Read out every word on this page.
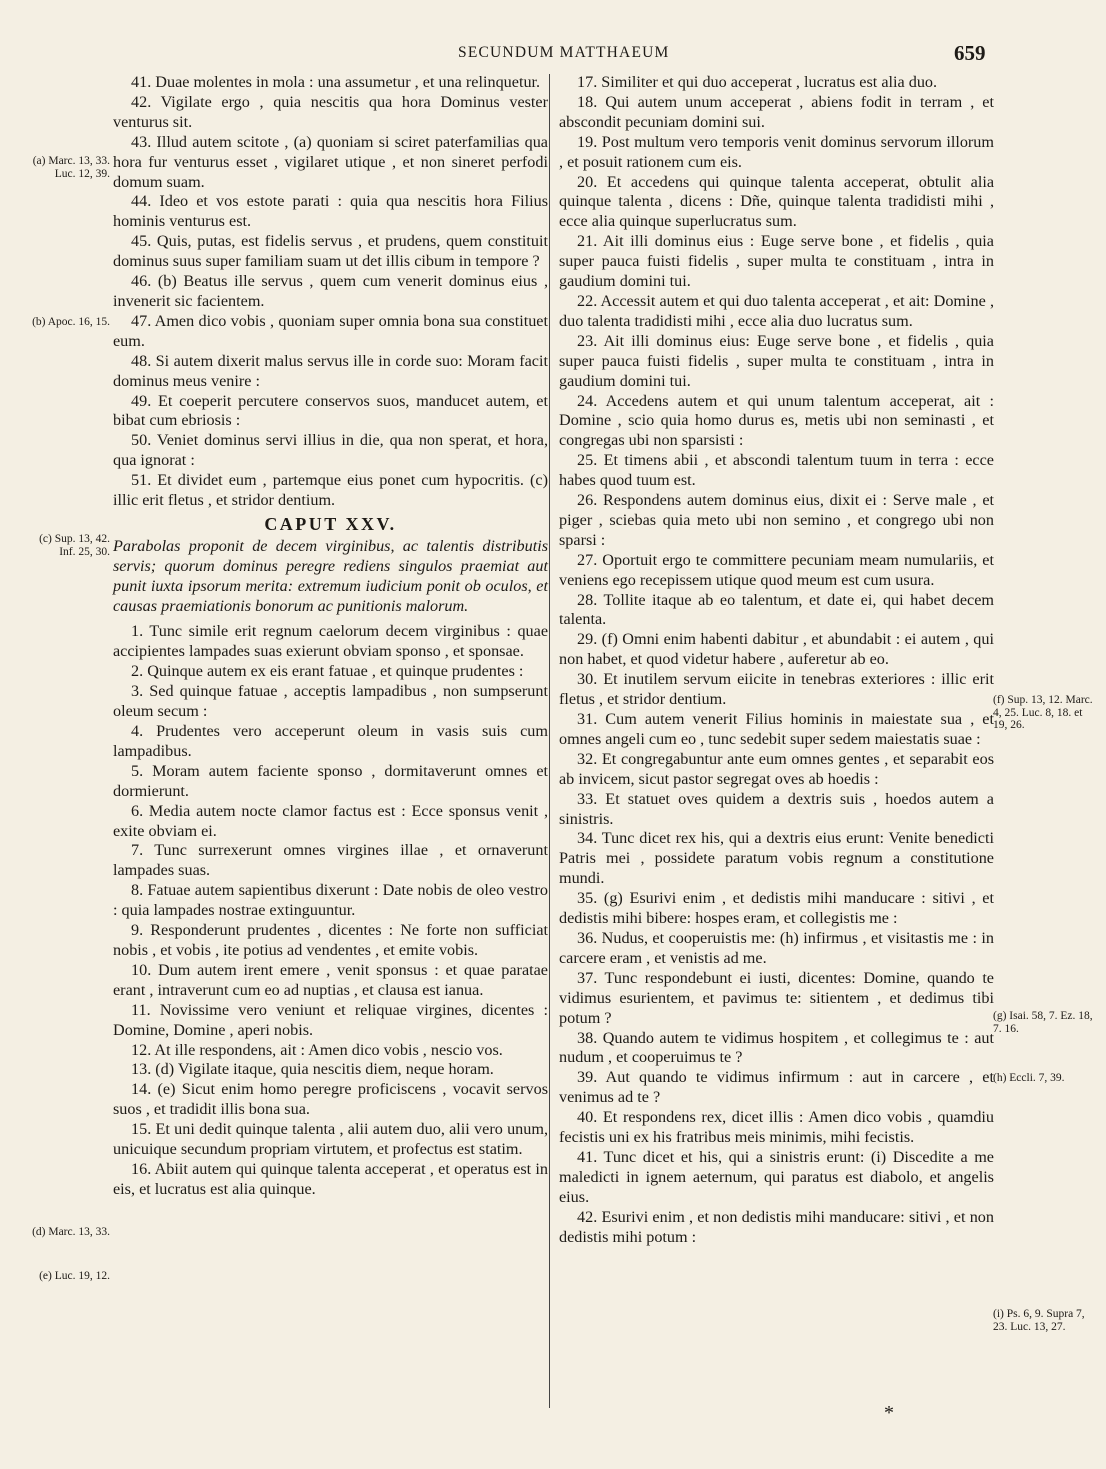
SECUNDUM MATTHAEUM	659

41. Duae molentes in mola : una assumetur , et una relinquetur.

42. Vigilate ergo , quia nescitis qua hora Dominus vester venturus sit.

43. Illud autem scitote , (a) quoniam si sciret paterfamilias qua hora fur venturus esset , vigilaret utique , et non sineret perfodi domum suam.

44. Ideo et vos estote parati : quia qua nescitis hora Filius hominis venturus est.

45. Quis, putas, est fidelis servus , et prudens, quem constituit dominus suus super familiam suam ut det illis cibum in tempore ?

46. (b) Beatus ille servus , quem cum venerit dominus eius , invenerit sic facientem.

47. Amen dico vobis , quoniam super omnia bona sua constituet eum.

48. Si autem dixerit malus servus ille in corde suo: Moram facit dominus meus venire :

49. Et coeperit percutere conservos suos, manducet autem, et bibat cum ebriosis :

50. Veniet dominus servi illius in die, qua non sperat, et hora, qua ignorat :

51. Et dividet eum , partemque eius ponet cum hypocritis. (c) illic erit fletus , et stridor dentium.

CAPUT XXV.

Parabolas proponit de decem virginibus, ac talentis distributis servis; quorum dominus peregre rediens singulos praemiat aut punit iuxta ipsorum merita: extremum iudicium ponit ob oculos, et causas praemiationis bonorum ac punitionis malorum.

1. Tunc simile erit regnum caelorum decem virginibus : quae accipientes lampades suas exierunt obviam sponso , et sponsae.

2. Quinque autem ex eis erant fatuae , et quinque prudentes :

3. Sed quinque fatuae , acceptis lampadibus , non sumpserunt oleum secum :

4. Prudentes vero acceperunt oleum in vasis suis cum lampadibus.

5. Moram autem faciente sponso , dormitaverunt omnes et dormierunt.

6. Media autem nocte clamor factus est : Ecce sponsus venit , exite obviam ei.

7. Tunc surrexerunt omnes virgines illae , et ornaverunt lampades suas.

8. Fatuae autem sapientibus dixerunt : Date nobis de oleo vestro : quia lampades nostrae extinguuntur.

9. Responderunt prudentes , dicentes : Ne forte non sufficiat nobis , et vobis , ite potius ad vendentes , et emite vobis.

10. Dum autem irent emere , venit sponsus : et quae paratae erant , intraverunt cum eo ad nuptias , et clausa est ianua.

11. Novissime vero veniunt et reliquae virgines, dicentes : Domine, Domine , aperi nobis.

12. At ille respondens, ait : Amen dico vobis , nescio vos.

13. (d) Vigilate itaque, quia nescitis diem, neque horam.

14. (e) Sicut enim homo peregre proficiscens , vocavit servos suos , et tradidit illis bona sua.

15. Et uni dedit quinque talenta , alii autem duo, alii vero unum, unicuique secundum propriam virtutem, et profectus est statim.

16. Abiit autem qui quinque talenta acceperat , et operatus est in eis, et lucratus est alia quinque.

17. Similiter et qui duo acceperat , lucratus est alia duo.

18. Qui autem unum acceperat , abiens fodit in terram , et abscondit pecuniam domini sui.

19. Post multum vero temporis venit dominus servorum illorum , et posuit rationem cum eis.

20. Et accedens qui quinque talenta acceperat, obtulit alia quinque talenta , dicens : Dñe, quinque talenta tradidisti mihi , ecce alia quinque superlucratus sum.

21. Ait illi dominus eius : Euge serve bone , et fidelis , quia super pauca fuisti fidelis , super multa te constituam , intra in gaudium domini tui.

22. Accessit autem et qui duo talenta acceperat , et ait: Domine , duo talenta tradidisti mihi , ecce alia duo lucratus sum.

23. Ait illi dominus eius: Euge serve bone , et fidelis , quia super pauca fuisti fidelis , super multa te constituam , intra in gaudium domini tui.

24. Accedens autem et qui unum talentum acceperat, ait : Domine , scio quia homo durus es, metis ubi non seminasti , et congregas ubi non sparsisti :

25. Et timens abii , et abscondi talentum tuum in terra : ecce habes quod tuum est.

26. Respondens autem dominus eius, dixit ei : Serve male , et piger , sciebas quia meto ubi non semino , et congrego ubi non sparsi :

27. Oportuit ergo te committere pecuniam meam numulariis, et veniens ego recepissem utique quod meum est cum usura.

28. Tollite itaque ab eo talentum, et date ei, qui habet decem talenta.

29. (f) Omni enim habenti dabitur , et abundabit : ei autem , qui non habet, et quod videtur habere , auferetur ab eo.

30. Et inutilem servum eiicite in tenebras exteriores : illic erit fletus , et stridor dentium.

31. Cum autem venerit Filius hominis in maiestate sua , et omnes angeli cum eo , tunc sedebit super sedem maiestatis suae :

32. Et congregabuntur ante eum omnes gentes , et separabit eos ab invicem, sicut pastor segregat oves ab hoedis :

33. Et statuet oves quidem a dextris suis , hoedos autem a sinistris.

34. Tunc dicet rex his, qui a dextris eius erunt: Venite benedicti Patris mei , possidete paratum vobis regnum a constitutione mundi.

35. (g) Esurivi enim , et dedistis mihi manducare : sitivi , et dedistis mihi bibere: hospes eram, et collegistis me :

36. Nudus, et cooperuistis me: (h) infirmus , et visitastis me : in carcere eram , et venistis ad me.

37. Tunc respondebunt ei iusti, dicentes: Domine, quando te vidimus esurientem, et pavimus te: sitientem , et dedimus tibi potum ?

38. Quando autem te vidimus hospitem , et collegimus te : aut nudum , et cooperuimus te ?

39. Aut quando te vidimus infirmum : aut in carcere , et venimus ad te ?

40. Et respondens rex, dicet illis : Amen dico vobis , quamdiu fecistis uni ex his fratribus meis minimis, mihi fecistis.

41. Tunc dicet et his, qui a sinistris erunt: (i) Discedite a me maledicti in ignem aeternum, qui paratus est diabolo, et angelis eius.

42. Esurivi enim , et non dedistis mihi manducare: sitivi , et non dedistis mihi potum :

(a) Marc. 13, 33. Luc. 12, 39.
(b) Apoc. 16, 15.
(c) Sup. 13, 42. Inf. 25, 30.
(d) Marc. 13, 33.
(e) Luc. 19, 12.
(f) Sup. 13, 12. Marc. 4, 25. Luc. 8, 18. et 19, 26.
(g) Isai. 58, 7. Ez. 18, 7. 16.
(h) Eccli. 7, 39.
(i) Ps. 6, 9. Supra 7, 23. Luc. 13, 27.
*
